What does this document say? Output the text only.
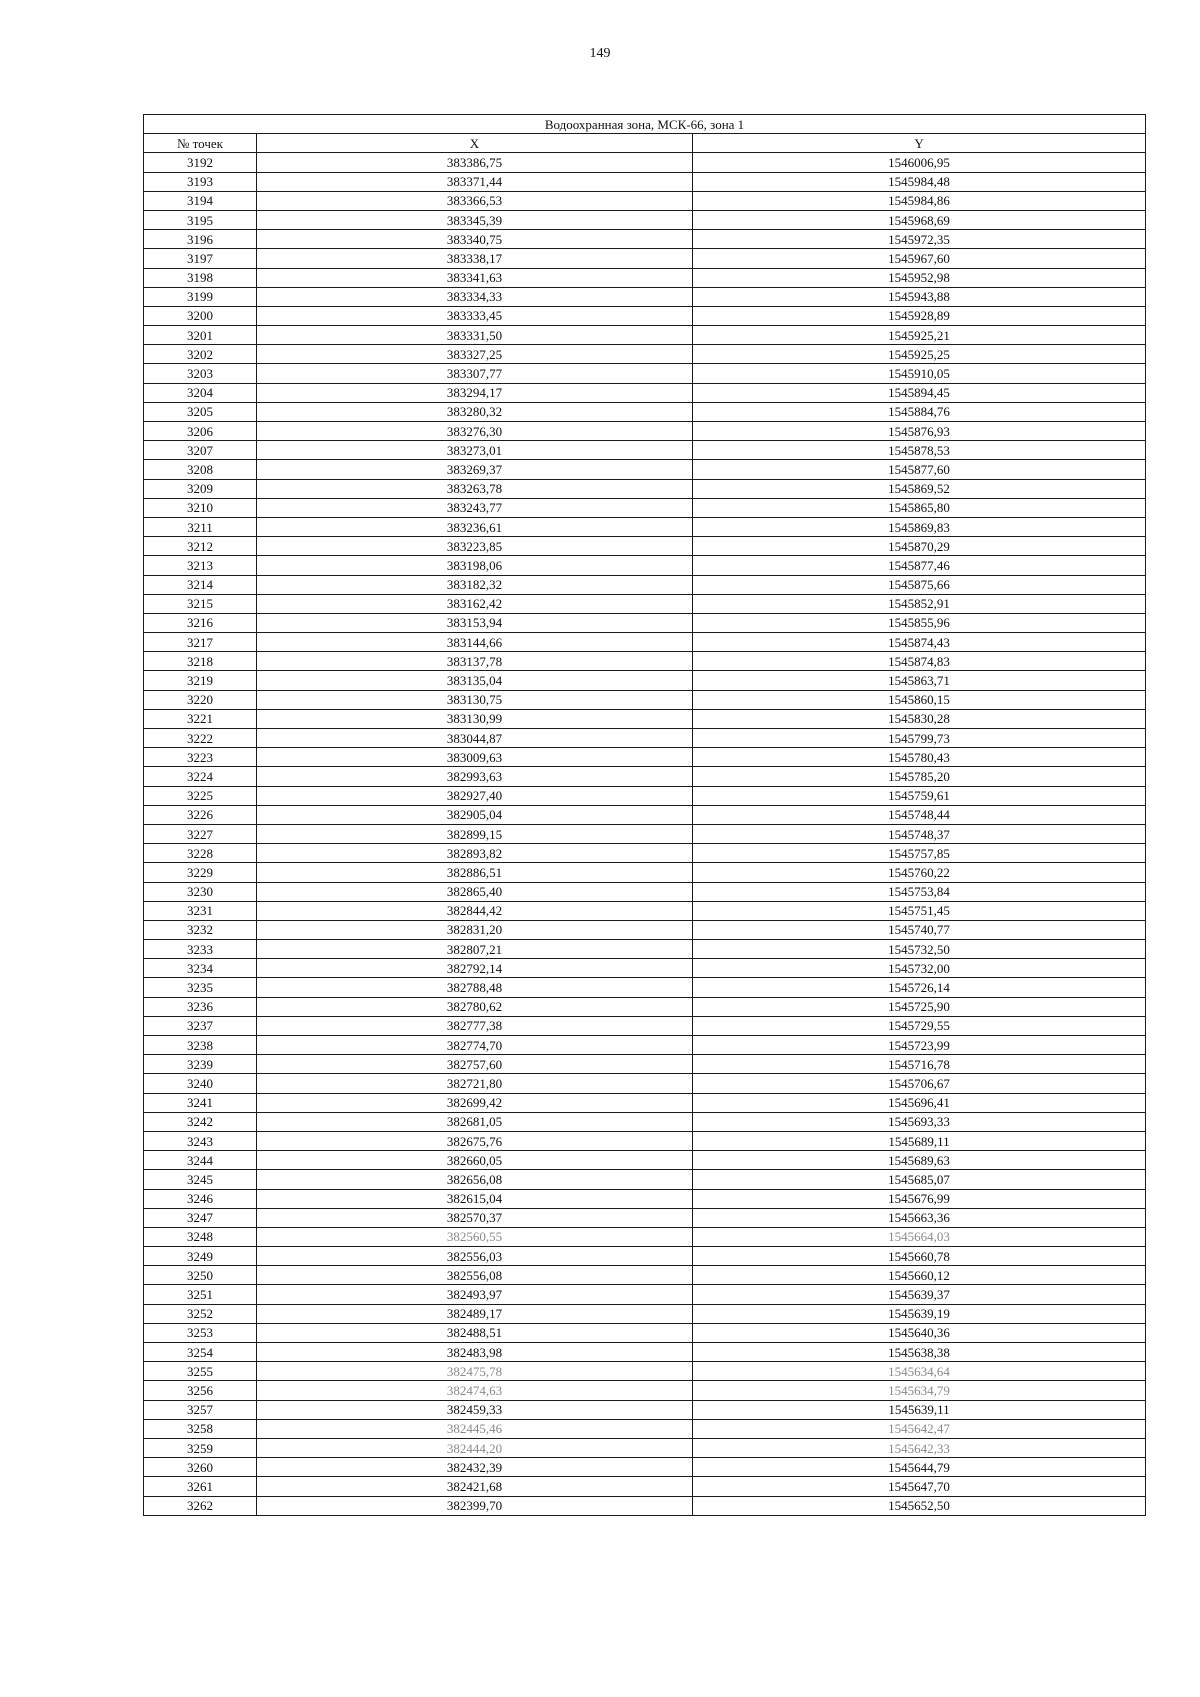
149
Водоохранная зона, МСК-66, зона 1		
№ точек	X	Y
3192	383386,75	1546006,95
3193	383371,44	1545984,48
3194	383366,53	1545984,86
3195	383345,39	1545968,69
3196	383340,75	1545972,35
3197	383338,17	1545967,60
3198	383341,63	1545952,98
3199	383334,33	1545943,88
3200	383333,45	1545928,89
3201	383331,50	1545925,21
3202	383327,25	1545925,25
3203	383307,77	1545910,05
3204	383294,17	1545894,45
3205	383280,32	1545884,76
3206	383276,30	1545876,93
3207	383273,01	1545878,53
3208	383269,37	1545877,60
3209	383263,78	1545869,52
3210	383243,77	1545865,80
3211	383236,61	1545869,83
3212	383223,85	1545870,29
3213	383198,06	1545877,46
3214	383182,32	1545875,66
3215	383162,42	1545852,91
3216	383153,94	1545855,96
3217	383144,66	1545874,43
3218	383137,78	1545874,83
3219	383135,04	1545863,71
3220	383130,75	1545860,15
3221	383130,99	1545830,28
3222	383044,87	1545799,73
3223	383009,63	1545780,43
3224	382993,63	1545785,20
3225	382927,40	1545759,61
3226	382905,04	1545748,44
3227	382899,15	1545748,37
3228	382893,82	1545757,85
3229	382886,51	1545760,22
3230	382865,40	1545753,84
3231	382844,42	1545751,45
3232	382831,20	1545740,77
3233	382807,21	1545732,50
3234	382792,14	1545732,00
3235	382788,48	1545726,14
3236	382780,62	1545725,90
3237	382777,38	1545729,55
3238	382774,70	1545723,99
3239	382757,60	1545716,78
3240	382721,80	1545706,67
3241	382699,42	1545696,41
3242	382681,05	1545693,33
3243	382675,76	1545689,11
3244	382660,05	1545689,63
3245	382656,08	1545685,07
3246	382615,04	1545676,99
3247	382570,37	1545663,36
3248	382560,55	1545664,03
3249	382556,03	1545660,78
3250	382556,08	1545660,12
3251	382493,97	1545639,37
3252	382489,17	1545639,19
3253	382488,51	1545640,36
3254	382483,98	1545638,38
3255	382475,78	1545634,64
3256	382474,63	1545634,79
3257	382459,33	1545639,11
3258	382445,46	1545642,47
3259	382444,20	1545642,33
3260	382432,39	1545644,79
3261	382421,68	1545647,70
3262	382399,70	1545652,50
